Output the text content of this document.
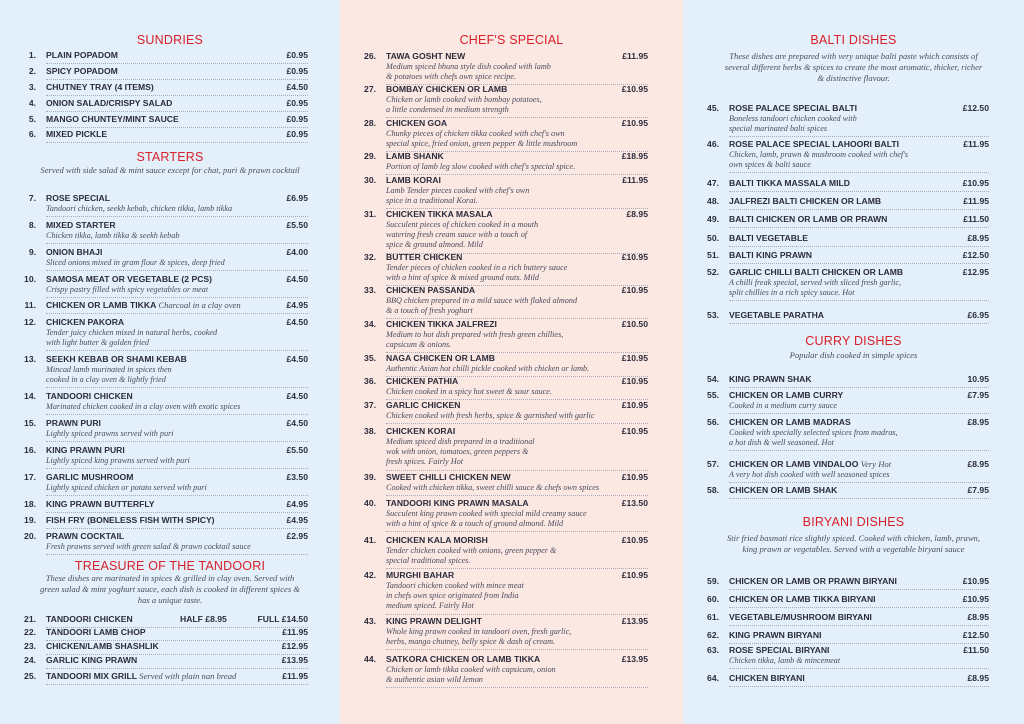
SUNDRIES
1. PLAIN POPADOM	£0.95
2. SPICY POPADOM	£0.95
3. CHUTNEY TRAY (4 ITEMS)	£4.50
4. ONION SALAD/CRISPY SALAD	£0.95
5. MANGO CHUNTEY/MINT SAUCE	£0.95
6. MIXED PICKLE	£0.95
STARTERS
Served with side salad & mint sauce except for chat, puri & prawn cocktail
7. ROSE SPECIAL	£6.95
Tandoori chicken, seekh kebab, chicken tikka, lamb tikka
8. MIXED STARTER	£5.50
Chicken tikka, lamb tikka & seekh kebab
9. ONION BHAJI	£4.00
Sliced onions mixed in gram flour & spices, deep fried
10. SAMOSA MEAT OR VEGETABLE (2 PCS)	£4.50
Crispy pastry filled with spicy vegetables or meat
11. CHICKEN OR LAMB TIKKA Charcoal in a clay oven	£4.95
12. CHICKEN PAKORA	£4.50
Tender juicy chicken mixed in natural herbs, cooked
with light butter & golden fried
13. SEEKH KEBAB OR SHAMI KEBAB	£4.50
Mincad lamb murinated in spices then
cooked in a clay oven & lightly fried
14. TANDOORI CHICKEN	£4.50
Marinated chicken cooked in a clay oven with exotic spices
15. PRAWN PURI	£4.50
Lightly spiced prawns served with puri
16. KING PRAWN PURI	£5.50
Lightly spiced king prawns served with puri
17. GARLIC MUSHROOM	£3.50
Lightly spiced chicken or potato served with puri
18. KING PRAWN BUTTERFLY	£4.95
19. FISH FRY (BONELESS FISH WITH SPICY)	£4.95
20. PRAWN COCKTAIL	£2.95
Fresh prawns served with green salad & prawn cocktail sauce
TREASURE OF THE TANDOORI
These dishes are marinated in spices & grilled in clay oven. Served with green salad & mint yoghurt sauce, each dish is cooked in different spices & has a unique taste.
21. TANDOORI CHICKEN	HALF £8.95	FULL £14.50
22. TANDOORI LAMB CHOP	£11.95
23. CHICKEN/LAMB SHASHLIK	£12.95
24. GARLIC KING PRAWN	£13.95
25. TANDOORI MIX GRILL Served with plain nan bread	£11.95
CHEF'S SPECIAL
26. TAWA GOSHT NEW	£11.95
Medium spiced bhuna style dish cooked with lamb
& potatoes with chefs own spice recipe.
27. BOMBAY CHICKEN OR LAMB	£10.95
Chicken or lamb cooked with bombay potatoes,
a little condensed in medium strength
28. CHICKEN GOA	£10.95
Chunky pieces of chicken tikka cooked with chef's own
special spice, fried onion, green pepper & little mushroom
29. LAMB SHANK	£18.95
Portion of lamb leg slow cooked with chef's special spice.
30. LAMB KORAI	£11.95
Lamb Tender pieces cooked with chef's own
spice in a traditional Korai.
31. CHICKEN TIKKA MASALA	£8.95
Succulent pieces of chicken cooked in a mouth
watering fresh cream sauce with a touch of
spice & ground almond. Mild
32. BUTTER CHICKEN	£10.95
Tender pieces of chicken cooked in a rich buttery sauce
with a hint of spice & mixed ground nuts. Mild
33. CHICKEN PASSANDA	£10.95
BBQ chicken prepared in a mild sauce with flaked almond
& a touch of fresh yoghurt
34. CHICKEN TIKKA JALFREZI	£10.50
Medium to hot dish prepared with fresh green chillies,
capsicum & onions.
35. NAGA CHICKEN OR LAMB	£10.95
Authentic Asian hot chilli pickle cooked with chicken or lamb.
36. CHICKEN PATHIA	£10.95
Chicken cooked in a spicy hot sweet & sour sauce.
37. GARLIC CHICKEN	£10.95
Chicken cooked with fresh herbs, spice & garnished with garlic
38. CHICKEN KORAI	£10.95
Medium spiced dish prepared in a traditional
wok with onion, tomatoes, green peppers &
fresh spices. Fairly Hot
39. SWEET CHILLI CHICKEN NEW	£10.95
Cooked with chicken tikka, sweet chilli sauce & chefs own spices
40. TANDOORI KING PRAWN MASALA	£13.50
Succulent king prawn cooked with special mild creamy sauce
with a hint of spice & a touch of ground almond. Mild
41. CHICKEN KALA MORISH	£10.95
Tender chicken cooked with onions, green pepper &
special traditional spices.
42. MURGHI BAHAR	£10.95
Tandoori chicken cooked with mince meat
in chefs own spice originated from India
medium spiced. Fairly Hot
43. KING PRAWN DELIGHT	£13.95
Whole king prawn cooked in tandoori oven, fresh garlic,
herbs, mango chutney, belly spice & dash of cream.
44. SATKORA CHICKEN OR LAMB TIKKA	£13.95
Chicken or lamb tikka cooked with capsicum, onion
& authentic asian wild lemon
BALTI DISHES
These dishes are prepared with very unique balti paste which consists of several different herbs & spices to create the most aromatic, thicker, richer & distinctive flavour.
45. ROSE PALACE SPECIAL BALTI	£12.50
Boneless tandoori chicken cooked with
special marinated balti spices
46. ROSE PALACE SPECIAL LAHOORI BALTI	£11.95
Chicken, lamb, prawn & mushroom cooked with chef's
own spices & balti sauce
47. BALTI TIKKA MASSALA MILD	£10.95
48. JALFREZI BALTI CHICKEN OR LAMB	£11.95
49. BALTI CHICKEN OR LAMB OR PRAWN	£11.50
50. BALTI VEGETABLE	£8.95
51. BALTI KING PRAWN	£12.50
52. GARLIC CHILLI BALTI CHICKEN OR LAMB	£12.95
A chilli freak special, served with sliced fresh garlic,
split chillies in a rich spicy sauce. Hot
53. VEGETABLE PARATHA	£6.95
CURRY DISHES
Popular dish cooked in simple spices
54. KING PRAWN SHAK	10.95
55. CHICKEN OR LAMB CURRY	£7.95
Cooked in a medium curry sauce
56. CHICKEN OR LAMB MADRAS	£8.95
Cooked with specially selected spices from madras,
a hot dish & well seasoned. Hot
57. CHICKEN OR LAMB VINDALOO Very Hot	£8.95
A very hot dish cooked with well seasoned spices
58. CHICKEN OR LAMB SHAK	£7.95
BIRYANI DISHES
Stir fried basmati rice slightly spiced. Cooked with chicken, lamb, prawn, king prawn or vegetables. Served with a vegetable biryani sauce
59. CHICKEN OR LAMB OR PRAWN BIRYANI	£10.95
60. CHICKEN OR LAMB TIKKA BIRYANI	£10.95
61. VEGETABLE/MUSHROOM BIRYANI	£8.95
62. KING PRAWN BIRYANI	£12.50
63. ROSE SPECIAL BIRYANI	£11.50
Chicken tikka, lamb & mincemeat
64. CHICKEN BIRYANI	£8.95
